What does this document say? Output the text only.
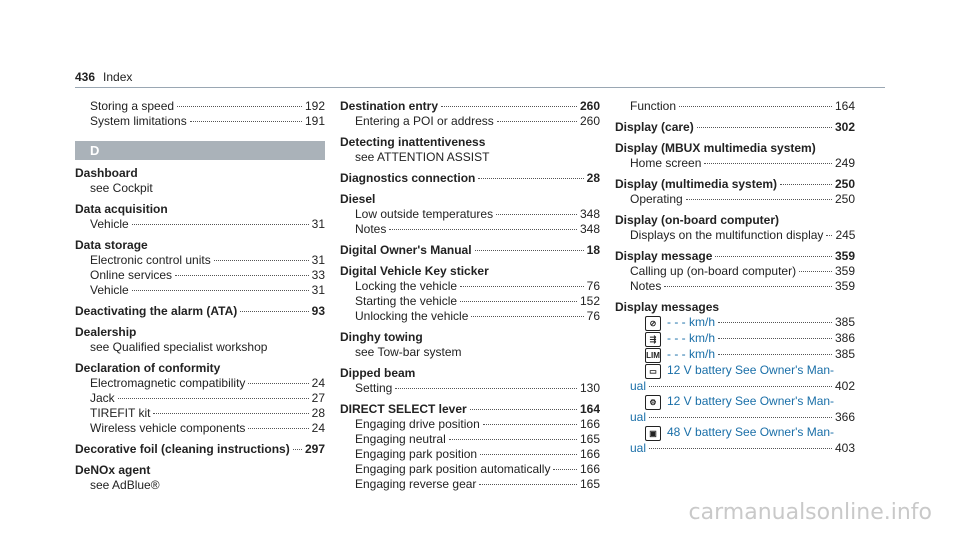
436 Index
Storing a speed	192
System limitations	191
D
Dashboard
see Cockpit
Data acquisition
Vehicle	31
Data storage
Electronic control units	31
Online services	33
Vehicle	31
Deactivating the alarm (ATA)	93
Dealership
see Qualified specialist workshop
Declaration of conformity
Electromagnetic compatibility	24
Jack	27
TIREFIT kit	28
Wireless vehicle components	24
Decorative foil (cleaning instructions) 297
DeNOx agent
see AdBlue®
Destination entry	260
Entering a POI or address	260
Detecting inattentiveness
see ATTENTION ASSIST
Diagnostics connection	28
Diesel
Low outside temperatures	348
Notes	348
Digital Owner's Manual	18
Digital Vehicle Key sticker
Locking the vehicle	76
Starting the vehicle	152
Unlocking the vehicle	76
Dinghy towing
see Tow-bar system
Dipped beam
Setting	130
DIRECT SELECT lever	164
Engaging drive position	166
Engaging neutral	165
Engaging park position	166
Engaging park position automatically 166
Engaging reverse gear	165
Function	164
Display (care)	302
Display (MBUX multimedia system)
Home screen	249
Display (multimedia system)	250
Operating	250
Display (on-board computer)
Displays on the multifunction display 245
Display message	359
Calling up (on-board computer)	359
Notes	359
Display messages
⊘ - - - km/h	385
⇶ - - - km/h	386
LIM - - - km/h	385
▭ 12 V battery See Owner's Man-
ual	402
⚙ 12 V battery See Owner's Man-
ual	366
▣ 48 V battery See Owner's Man-
ual	403
carmanualsonline.info
